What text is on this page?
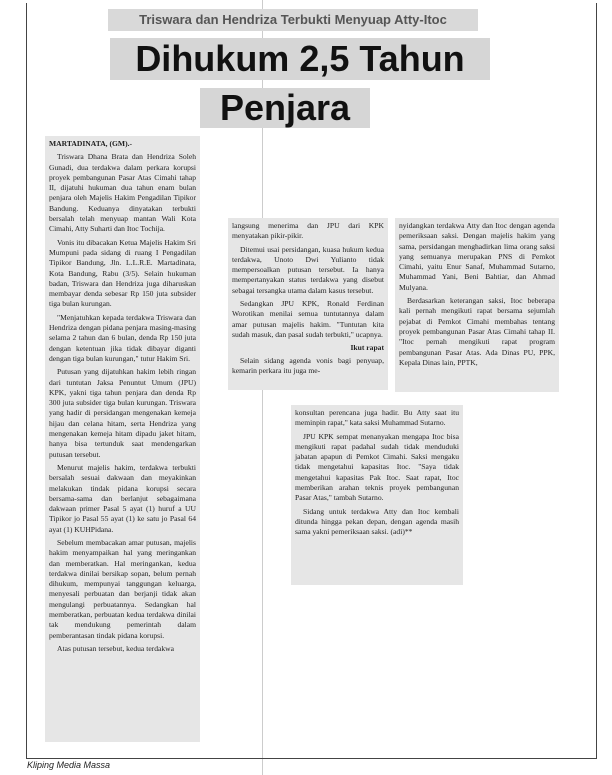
Triswara dan Hendriza Terbukti Menyuap Atty-Itoc
Dihukum 2,5 Tahun
Penjara

MARTADINATA, (GM).-

Triswara Dhana Brata dan Hendriza Soleh Gunadi, dua terdakwa dalam perkara korupsi proyek pembangunan Pasar Atas Cimahi tahap II, dijatuhi hukuman dua tahun enam bulan penjara oleh Majelis Hakim Pengadilan Tipikor Bandung. Keduanya dinyatakan terbukti bersalah telah menyuap mantan Wali Kota Cimahi, Atty Suharti dan Itoc Tochija.

Vonis itu dibacakan Ketua Majelis Hakim Sri Mumpuni pada sidang di ruang I Pengadilan Tipikor Bandung, Jln. L.L.R.E. Martadinata, Kota Bandung, Rabu (3/5). Selain hukuman badan, Triswara dan Hendriza juga diharuskan membayar denda sebesar Rp 150 juta subsider tiga bulan kurungan.

"Menjatuhkan kepada terdakwa Triswara dan Hendriza dengan pidana penjara masing-masing selama 2 tahun dan 6 bulan, denda Rp 150 juta dengan ketentuan jika tidak dibayar diganti dengan tiga bulan kurungan," tutur Hakim Sri.

Putusan yang dijatuhkan hakim lebih ringan dari tuntutan Jaksa Penuntut Umum (JPU) KPK, yakni tiga tahun penjara dan denda Rp 300 juta subsider tiga bulan kurungan. Triswara yang hadir di persidangan mengenakan kemeja hijau dan celana hitam, serta Hendriza yang mengenakan kemeja hitam dipadu jaket hitam, hanya bisa tertunduk saat mendengarkan putusan tersebut.

Menurut majelis hakim, terdakwa terbukti bersalah sesuai dakwaan dan meyakinkan melakukan tindak pidana korupsi secara bersama-sama dan berlanjut sebagaimana dakwaan primer Pasal 5 ayat (1) huruf a UU Tipikor jo Pasal 55 ayat (1) ke satu jo Pasal 64 ayat (1) KUHPidana.

Sebelum membacakan amar putusan, majelis hakim menyampaikan hal yang meringankan dan memberatkan. Hal meringankan, kedua terdakwa dinilai bersikap sopan, belum pernah dihukum, mempunyai tanggungan keluarga, menyesali perbuatan dan berjanji tidak akan mengulangi perbuatannya. Sedangkan hal memberatkan, perbuatan kedua terdakwa dinilai tak mendukung pemerintah dalam pemberantasan tindak pidana korupsi.

Atas putusan tersebut, kedua terdakwa

langsung menerima dan JPU dari KPK menyatakan pikir-pikir.

Ditemui usai persidangan, kuasa hukum kedua terdakwa, Unoto Dwi Yulianto tidak mempersoalkan putusan tersebut. Ia hanya mempertanyakan status terdakwa yang disebut sebagai tersangka utama dalam kasus tersebut.

Sedangkan JPU KPK, Ronald Ferdinan Worotikan menilai semua tuntutannya dalam amar putusan majelis hakim. "Tuntutan kita sudah masuk, dan pasal sudah terbukti," ucapnya.

Ikut rapat

Selain sidang agenda vonis bagi penyuap, kemarin perkara itu juga me-

nyidangkan terdakwa Atty dan Itoc dengan agenda pemeriksaan saksi. Dengan majelis hakim yang sama, persidangan menghadirkan lima orang saksi yang semuanya merupakan PNS di Pemkot Cimahi, yaitu Enur Sanaf, Muhammad Sutarno, Muhammad Yani, Beni Bahtiar, dan Ahmad Mulyana.

Berdasarkan keterangan saksi, Itoc beberapa kali pernah mengikuti rapat bersama sejumlah pejabat di Pemkot Cimahi membahas tentang proyek pembangunan Pasar Atas Cimahi tahap II. "Itoc pernah mengikuti rapat program pembangunan Pasar Atas. Ada Dinas PU, PPK, Kepala Dinas lain, PPTK,

konsultan perencana juga hadir. Bu Atty saat itu meminpin rapat," kata saksi Muhammad Sutarno.

JPU KPK sempat menanyakan mengapa Itoc bisa mengikuti rapat padahal sudah tidak menduduki jabatan apapun di Pemkot Cimahi. Saksi mengaku tidak mengetahui kapasitas Itoc. "Saya tidak mengetahui kapasitas Pak Itoc. Saat rapat, Itoc memberikan arahan teknis proyek pembangunan Pasar Atas," tambah Sutarno.

Sidang untuk terdakwa Atty dan Itoc kembali ditunda hingga pekan depan, dengan agenda masih sama yakni pemeriksaan saksi. (adi)**

Kliping Media Massa
